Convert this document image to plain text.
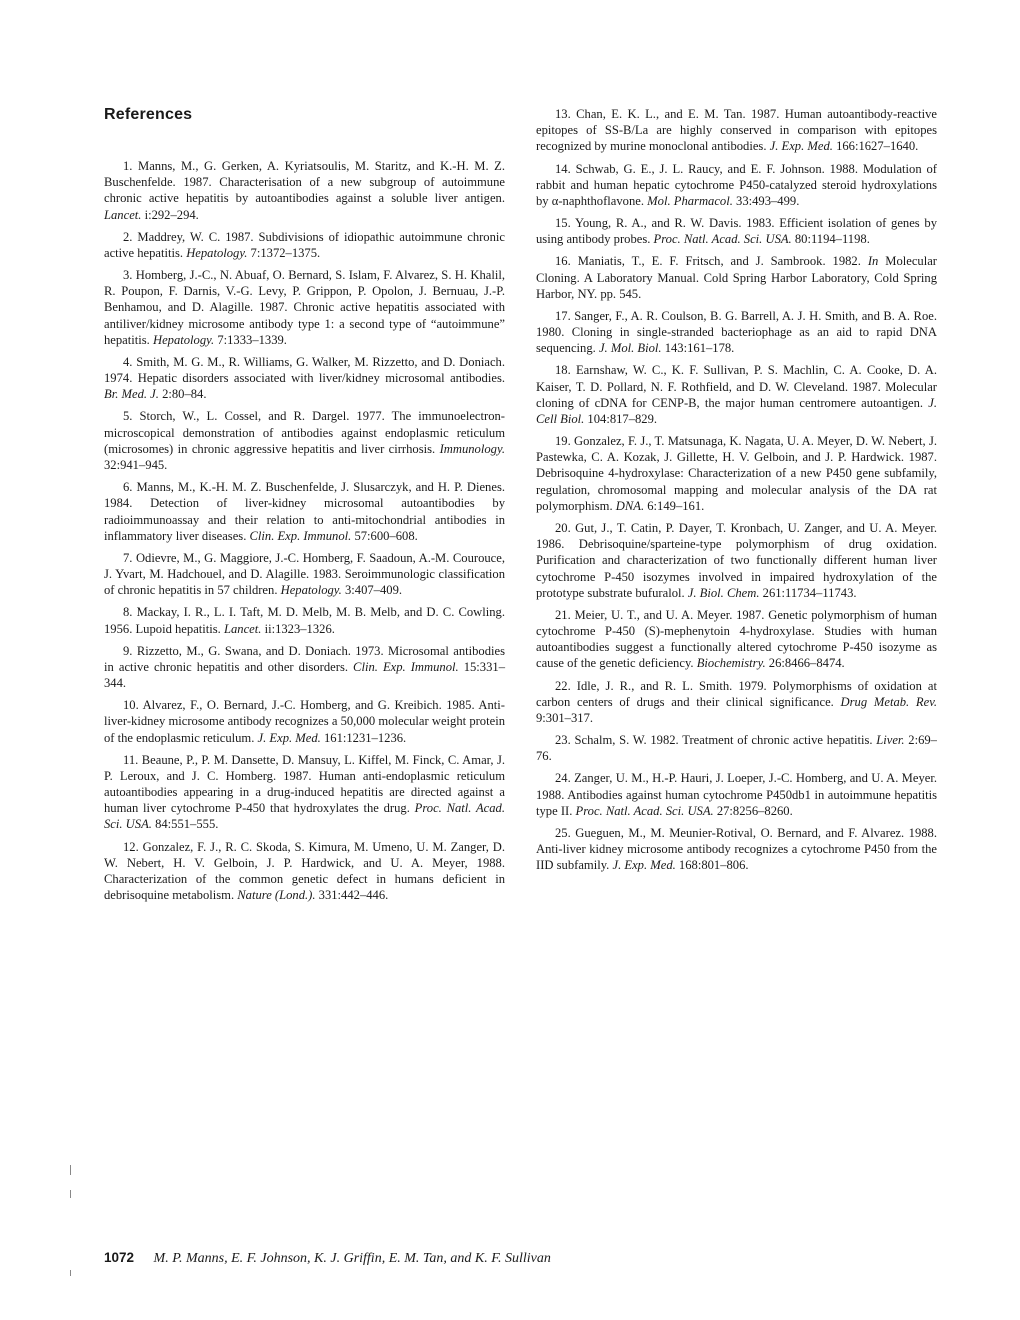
References

1. Manns, M., G. Gerken, A. Kyriatsoulis, M. Staritz, and K.-H. M. Z. Buschenfelde. 1987. Characterisation of a new subgroup of autoimmune chronic active hepatitis by autoantibodies against a soluble liver antigen. Lancet. i:292–294.

2. Maddrey, W. C. 1987. Subdivisions of idiopathic autoimmune chronic active hepatitis. Hepatology. 7:1372–1375.

3. Homberg, J.-C., N. Abuaf, O. Bernard, S. Islam, F. Alvarez, S. H. Khalil, R. Poupon, F. Darnis, V.-G. Levy, P. Grippon, P. Opolon, J. Bernuau, J.-P. Benhamou, and D. Alagille. 1987. Chronic active hepatitis associated with antiliver/kidney microsome antibody type 1: a second type of “autoimmune” hepatitis. Hepatology. 7:1333–1339.

4. Smith, M. G. M., R. Williams, G. Walker, M. Rizzetto, and D. Doniach. 1974. Hepatic disorders associated with liver/kidney microsomal antibodies. Br. Med. J. 2:80–84.

5. Storch, W., L. Cossel, and R. Dargel. 1977. The immunoelectron-microscopical demonstration of antibodies against endoplasmic reticulum (microsomes) in chronic aggressive hepatitis and liver cirrhosis. Immunology. 32:941–945.

6. Manns, M., K.-H. M. Z. Buschenfelde, J. Slusarczyk, and H. P. Dienes. 1984. Detection of liver-kidney microsomal autoantibodies by radioimmunoassay and their relation to anti-mitochondrial antibodies in inflammatory liver diseases. Clin. Exp. Immunol. 57:600–608.

7. Odievre, M., G. Maggiore, J.-C. Homberg, F. Saadoun, A.-M. Courouce, J. Yvart, M. Hadchouel, and D. Alagille. 1983. Seroimmunologic classification of chronic hepatitis in 57 children. Hepatology. 3:407–409.

8. Mackay, I. R., L. I. Taft, M. D. Melb, M. B. Melb, and D. C. Cowling. 1956. Lupoid hepatitis. Lancet. ii:1323–1326.

9. Rizzetto, M., G. Swana, and D. Doniach. 1973. Microsomal antibodies in active chronic hepatitis and other disorders. Clin. Exp. Immunol. 15:331–344.

10. Alvarez, F., O. Bernard, J.-C. Homberg, and G. Kreibich. 1985. Anti-liver-kidney microsome antibody recognizes a 50,000 molecular weight protein of the endoplasmic reticulum. J. Exp. Med. 161:1231–1236.

11. Beaune, P., P. M. Dansette, D. Mansuy, L. Kiffel, M. Finck, C. Amar, J. P. Leroux, and J. C. Homberg. 1987. Human anti-endoplasmic reticulum autoantibodies appearing in a drug-induced hepatitis are directed against a human liver cytochrome P-450 that hydroxylates the drug. Proc. Natl. Acad. Sci. USA. 84:551–555.

12. Gonzalez, F. J., R. C. Skoda, S. Kimura, M. Umeno, U. M. Zanger, D. W. Nebert, H. V. Gelboin, J. P. Hardwick, and U. A. Meyer, 1988. Characterization of the common genetic defect in humans deficient in debrisoquine metabolism. Nature (Lond.). 331:442–446.

13. Chan, E. K. L., and E. M. Tan. 1987. Human autoantibody-reactive epitopes of SS-B/La are highly conserved in comparison with epitopes recognized by murine monoclonal antibodies. J. Exp. Med. 166:1627–1640.

14. Schwab, G. E., J. L. Raucy, and E. F. Johnson. 1988. Modulation of rabbit and human hepatic cytochrome P450-catalyzed steroid hydroxylations by α-naphthoflavone. Mol. Pharmacol. 33:493–499.

15. Young, R. A., and R. W. Davis. 1983. Efficient isolation of genes by using antibody probes. Proc. Natl. Acad. Sci. USA. 80:1194–1198.

16. Maniatis, T., E. F. Fritsch, and J. Sambrook. 1982. In Molecular Cloning. A Laboratory Manual. Cold Spring Harbor Laboratory, Cold Spring Harbor, NY. pp. 545.

17. Sanger, F., A. R. Coulson, B. G. Barrell, A. J. H. Smith, and B. A. Roe. 1980. Cloning in single-stranded bacteriophage as an aid to rapid DNA sequencing. J. Mol. Biol. 143:161–178.

18. Earnshaw, W. C., K. F. Sullivan, P. S. Machlin, C. A. Cooke, D. A. Kaiser, T. D. Pollard, N. F. Rothfield, and D. W. Cleveland. 1987. Molecular cloning of cDNA for CENP-B, the major human centromere autoantigen. J. Cell Biol. 104:817–829.

19. Gonzalez, F. J., T. Matsunaga, K. Nagata, U. A. Meyer, D. W. Nebert, J. Pastewka, C. A. Kozak, J. Gillette, H. V. Gelboin, and J. P. Hardwick. 1987. Debrisoquine 4-hydroxylase: Characterization of a new P450 gene subfamily, regulation, chromosomal mapping and molecular analysis of the DA rat polymorphism. DNA. 6:149–161.

20. Gut, J., T. Catin, P. Dayer, T. Kronbach, U. Zanger, and U. A. Meyer. 1986. Debrisoquine/sparteine-type polymorphism of drug oxidation. Purification and characterization of two functionally different human liver cytochrome P-450 isozymes involved in impaired hydroxylation of the prototype substrate bufuralol. J. Biol. Chem. 261:11734–11743.

21. Meier, U. T., and U. A. Meyer. 1987. Genetic polymorphism of human cytochrome P-450 (S)-mephenytoin 4-hydroxylase. Studies with human autoantibodies suggest a functionally altered cytochrome P-450 isozyme as cause of the genetic deficiency. Biochemistry. 26:8466–8474.

22. Idle, J. R., and R. L. Smith. 1979. Polymorphisms of oxidation at carbon centers of drugs and their clinical significance. Drug Metab. Rev. 9:301–317.

23. Schalm, S. W. 1982. Treatment of chronic active hepatitis. Liver. 2:69–76.

24. Zanger, U. M., H.-P. Hauri, J. Loeper, J.-C. Homberg, and U. A. Meyer. 1988. Antibodies against human cytochrome P450db1 in autoimmune hepatitis type II. Proc. Natl. Acad. Sci. USA. 27:8256–8260.

25. Gueguen, M., M. Meunier-Rotival, O. Bernard, and F. Alvarez. 1988. Anti-liver kidney microsome antibody recognizes a cytochrome P450 from the IID subfamily. J. Exp. Med. 168:801–806.

1072 M. P. Manns, E. F. Johnson, K. J. Griffin, E. M. Tan, and K. F. Sullivan
